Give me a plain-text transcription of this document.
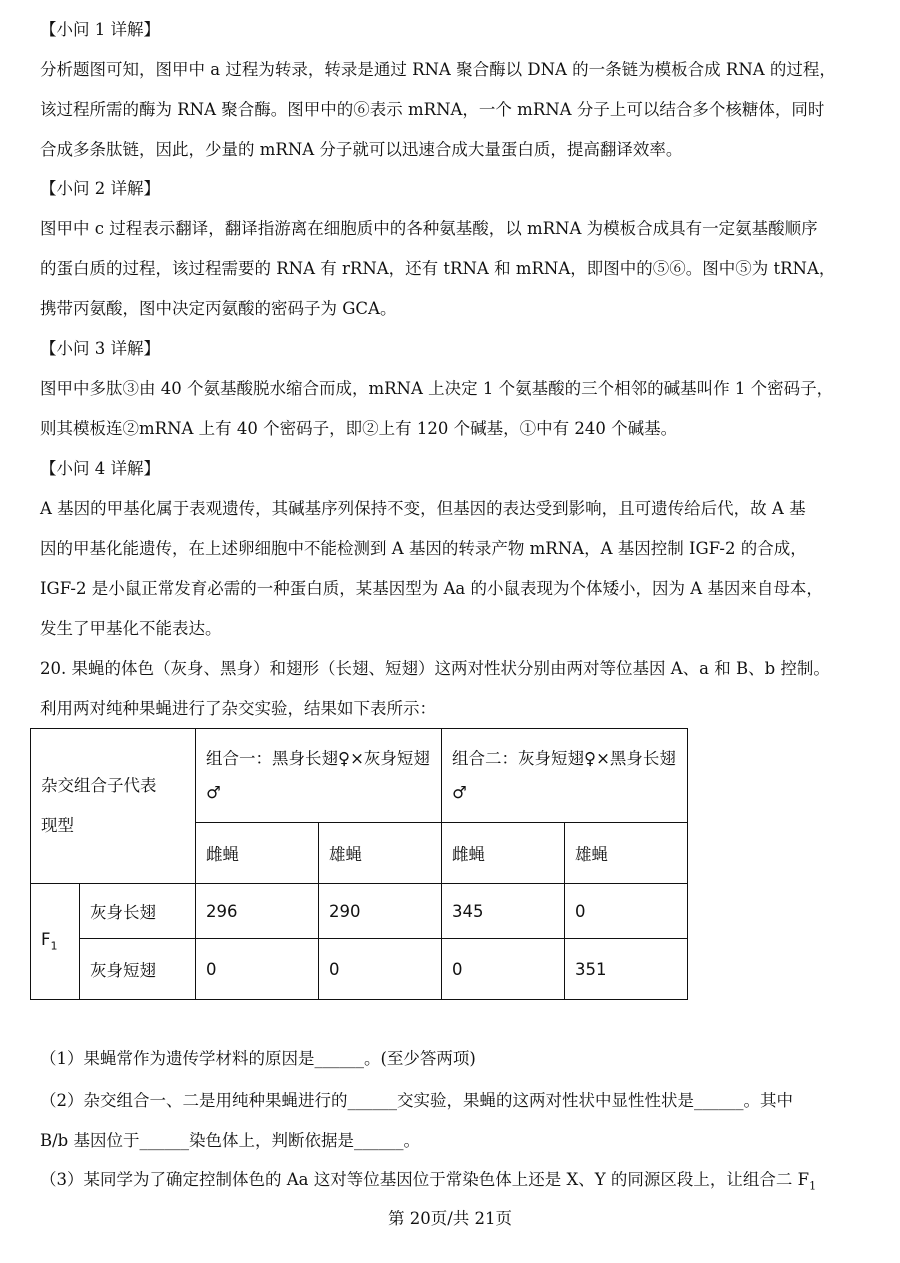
【小问 1 详解】
分析题图可知，图甲中 a 过程为转录，转录是通过 RNA 聚合酶以 DNA 的一条链为模板合成 RNA 的过程，
该过程所需的酶为 RNA 聚合酶。图甲中的⑥表示 mRNA，一个 mRNA 分子上可以结合多个核糖体，同时
合成多条肽链，因此，少量的 mRNA 分子就可以迅速合成大量蛋白质，提高翻译效率。
【小问 2 详解】
图甲中 c 过程表示翻译，翻译指游离在细胞质中的各种氨基酸，以 mRNA 为模板合成具有一定氨基酸顺序
的蛋白质的过程，该过程需要的 RNA 有 rRNA，还有 tRNA 和 mRNA，即图中的⑤⑥。图中⑤为 tRNA，
携带丙氨酸，图中决定丙氨酸的密码子为 GCA。
【小问 3 详解】
图甲中多肽③由 40 个氨基酸脱水缩合而成，mRNA 上决定 1 个氨基酸的三个相邻的碱基叫作 1 个密码子，
则其模板连②mRNA 上有 40 个密码子，即②上有 120 个碱基，①中有 240 个碱基。
【小问 4 详解】
A 基因的甲基化属于表观遗传，其碱基序列保持不变，但基因的表达受到影响，且可遗传给后代，故 A 基
因的甲基化能遗传，在上述卵细胞中不能检测到 A 基因的转录产物 mRNA，A 基因控制 IGF-2 的合成，
IGF-2 是小鼠正常发育必需的一种蛋白质，某基因型为 Aa 的小鼠表现为个体矮小，因为 A 基因来自母本，
发生了甲基化不能表达。
20. 果蝇的体色（灰身、黑身）和翅形（长翅、短翅）这两对性状分别由两对等位基因 A、a 和 B、b 控制。
利用两对纯种果蝇进行了杂交实验，结果如下表所示：
杂交组合子代表现型		组合一：黑身长翅♀×灰身短翅♂		组合二：灰身短翅♀×黑身长翅♂	

		雌蝇	雄蝇	雌蝇	雄蝇
$F_1$	灰身长翅	296	290	345	0
	灰身短翅	0	0	0	351
（1）果蝇常作为遗传学材料的原因是______。(至少答两项)
（2）杂交组合一、二是用纯种果蝇进行的______交实验，果蝇的这两对性状中显性性状是______。其中
B/b 基因位于______染色体上，判断依据是______。
（3）某同学为了确定控制体色的 Aa 这对等位基因位于常染色体上还是 X、Y 的同源区段上，让组合二 $F_1$
第 20页/共 21页
